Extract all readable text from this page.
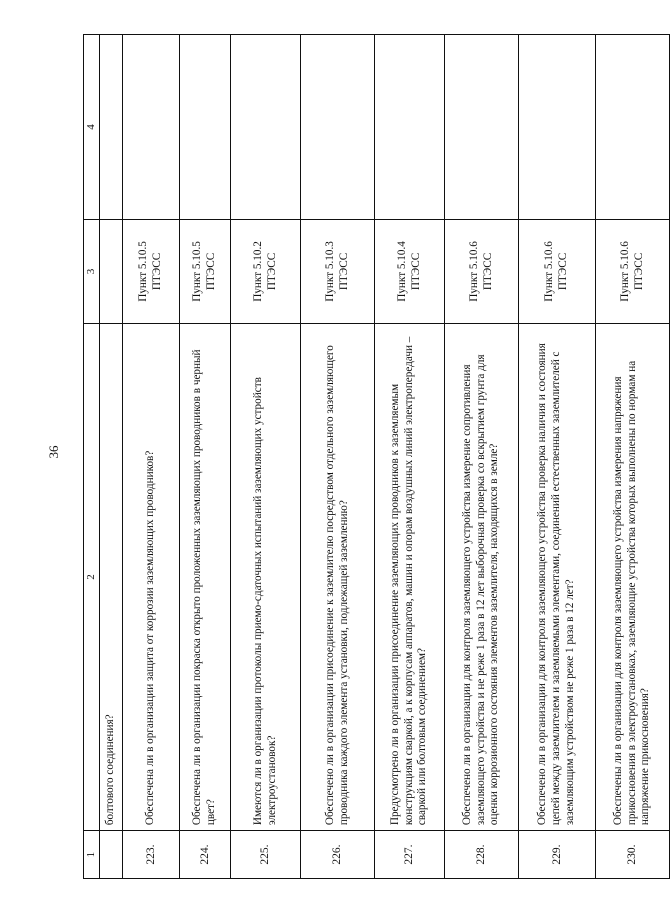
36
1	2	3	4
	болтового соединения?		
223.	Обеспечена ли в организации защита от коррозии заземляющих проводников?	Пункт 5.10.5 ПТЭСС	
224.	Обеспечена ли в организации покраска открыто проложенных заземляющих проводников в черный цвет?	Пункт 5.10.5 ПТЭСС	
225.	Имеются ли в организации протоколы приемо-сдаточных испытаний заземляющих устройств электроустановок?	Пункт 5.10.2 ПТЭСС	
226.	Обеспечено ли в организации присоединение к заземлителю посредством отдельного заземляющего проводника каждого элемента установки, подлежащей заземлению?	Пункт 5.10.3 ПТЭСС	
227.	Предусмотрено ли в организации присоединение заземляющих проводников к заземляемым конструкциям сваркой, а к корпусам аппаратов, машин и опорам воздушных линий электропередачи – сваркой или болтовым соединением?	Пункт 5.10.4 ПТЭСС	
228.	Обеспечено ли в организации для контроля заземляющего устройства измерение сопротивления заземляющего устройства и не реже 1 раза в 12 лет выборочная проверка со вскрытием грунта для оценки коррозионного состояния элементов заземлителя, находящихся в земле?	Пункт 5.10.6 ПТЭСС	
229.	Обеспечено ли в организации для контроля заземляющего устройства проверка наличия и состояния цепей между заземлителем и заземляемыми элементами, соединений естественных заземлителей с заземляющим устройством не реже 1 раза в 12 лет?	Пункт 5.10.6 ПТЭСС	
230.	Обеспечены ли в организации для контроля заземляющего устройства измерения напряжения прикосновения в электроустановках, заземляющие устройства которых выполнены по нормам на напряжение прикосновения?	Пункт 5.10.6 ПТЭСС	
